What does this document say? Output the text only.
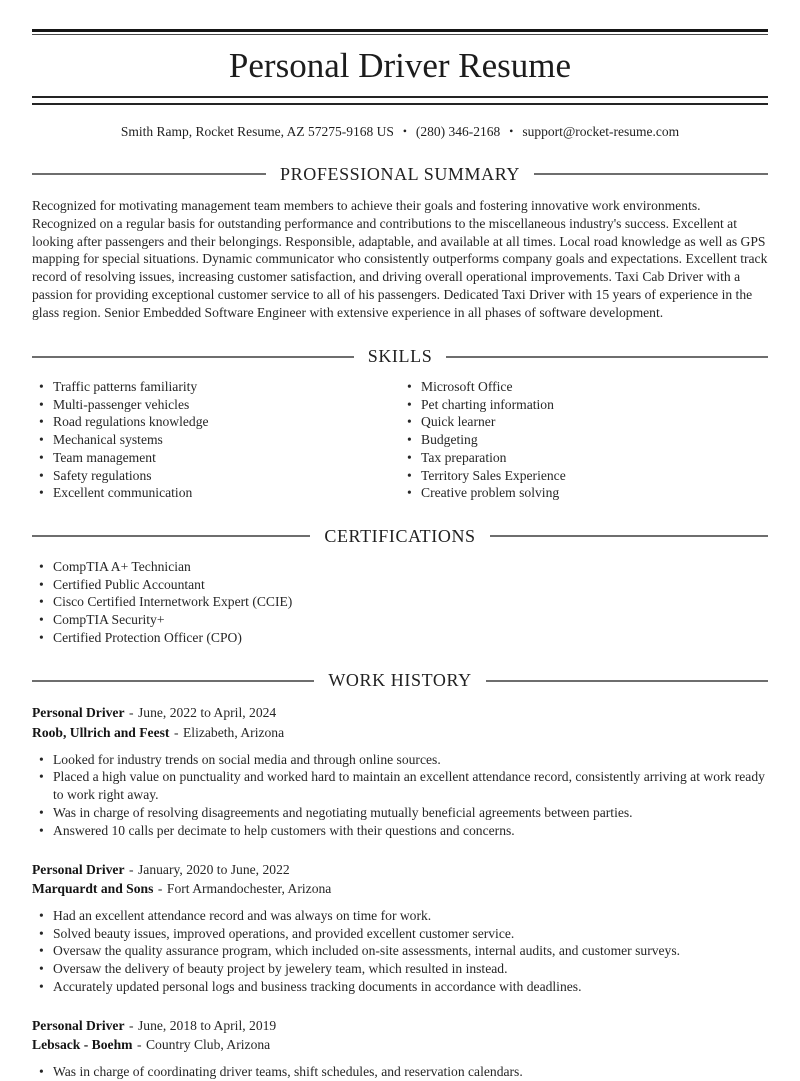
Personal Driver Resume

Smith Ramp, Rocket Resume, AZ 57275-9168 US • (280) 346-2168 • support@rocket-resume.com

PROFESSIONAL SUMMARY

Recognized for motivating management team members to achieve their goals and fostering innovative work environments. Recognized on a regular basis for outstanding performance and contributions to the miscellaneous industry's success. Excellent at looking after passengers and their belongings. Responsible, adaptable, and available at all times. Local road knowledge as well as GPS mapping for special situations. Dynamic communicator who consistently outperforms company goals and expectations. Excellent track record of resolving issues, increasing customer satisfaction, and driving overall operational improvements. Taxi Cab Driver with a passion for providing exceptional customer service to all of his passengers. Dedicated Taxi Driver with 15 years of experience in the glass region. Senior Embedded Software Engineer with extensive experience in all phases of software development.

SKILLS
• Traffic patterns familiarity
• Multi-passenger vehicles
• Road regulations knowledge
• Mechanical systems
• Team management
• Safety regulations
• Excellent communication
• Microsoft Office
• Pet charting information
• Quick learner
• Budgeting
• Tax preparation
• Territory Sales Experience
• Creative problem solving
CERTIFICATIONS
• CompTIA A+ Technician
• Certified Public Accountant
• Cisco Certified Internetwork Expert (CCIE)
• CompTIA Security+
• Certified Protection Officer (CPO)
WORK HISTORY

Personal Driver - June, 2022 to April, 2024

Roob, Ullrich and Feest - Elizabeth, Arizona

• Looked for industry trends on social media and through online sources.
• Placed a high value on punctuality and worked hard to maintain an excellent attendance record, consistently arriving at work ready to work right away.
• Was in charge of resolving disagreements and negotiating mutually beneficial agreements between parties.
• Answered 10 calls per decimate to help customers with their questions and concerns.

Personal Driver - January, 2020 to June, 2022

Marquardt and Sons - Fort Armandochester, Arizona

• Had an excellent attendance record and was always on time for work.
• Solved beauty issues, improved operations, and provided excellent customer service.
• Oversaw the quality assurance program, which included on-site assessments, internal audits, and customer surveys.
• Oversaw the delivery of beauty project by jewelery team, which resulted in instead.
• Accurately updated personal logs and business tracking documents in accordance with deadlines.

Personal Driver - June, 2018 to April, 2019

Lebsack - Boehm - Country Club, Arizona

• Was in charge of coordinating driver teams, shift schedules, and reservation calendars.
